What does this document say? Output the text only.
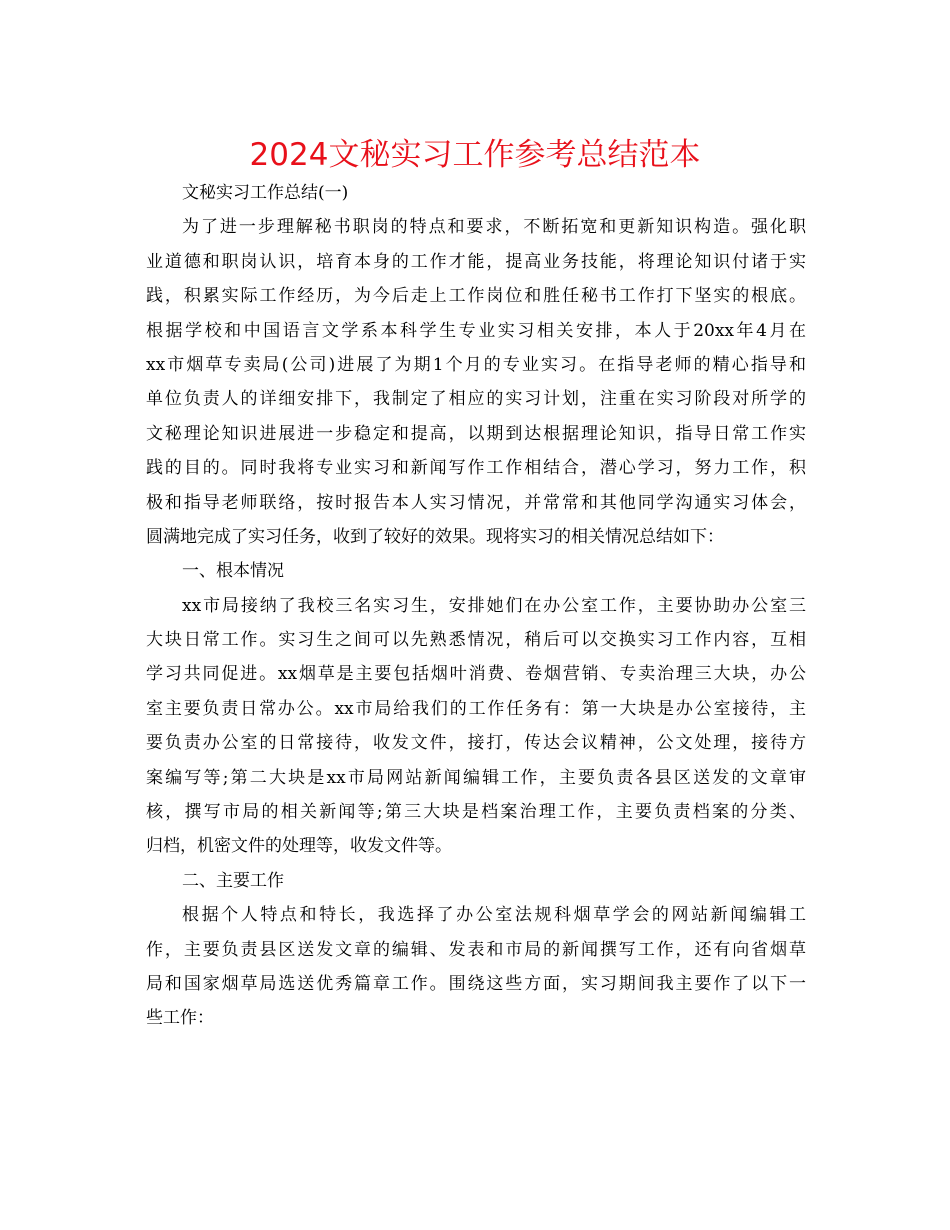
2024文秘实习工作参考总结范本
文秘实习工作总结(一)
为了进一步理解秘书职岗的特点和要求，不断拓宽和更新知识构造。强化职
业道德和职岗认识，培育本身的工作才能，提高业务技能，将理论知识付诸于实
践，积累实际工作经历，为今后走上工作岗位和胜任秘书工作打下坚实的根底。
根据学校和中国语言文学系本科学生专业实习相关安排，本人于20xx年4月在
xx市烟草专卖局(公司)进展了为期1个月的专业实习。在指导老师的精心指导和
单位负责人的详细安排下，我制定了相应的实习计划，注重在实习阶段对所学的
文秘理论知识进展进一步稳定和提高，以期到达根据理论知识，指导日常工作实
践的目的。同时我将专业实习和新闻写作工作相结合，潜心学习，努力工作，积
极和指导老师联络，按时报告本人实习情况，并常常和其他同学沟通实习体会，
圆满地完成了实习任务，收到了较好的效果。现将实习的相关情况总结如下：
一、根本情况
xx市局接纳了我校三名实习生，安排她们在办公室工作，主要协助办公室三
大块日常工作。实习生之间可以先熟悉情况，稍后可以交换实习工作内容，互相
学习共同促进。xx烟草是主要包括烟叶消费、卷烟营销、专卖治理三大块，办公
室主要负责日常办公。xx市局给我们的工作任务有：第一大块是办公室接待，主
要负责办公室的日常接待，收发文件，接打，传达会议精神，公文处理，接待方
案编写等;第二大块是xx市局网站新闻编辑工作，主要负责各县区送发的文章审
核，撰写市局的相关新闻等;第三大块是档案治理工作，主要负责档案的分类、
归档，机密文件的处理等，收发文件等。
二、主要工作
根据个人特点和特长，我选择了办公室法规科烟草学会的网站新闻编辑工
作，主要负责县区送发文章的编辑、发表和市局的新闻撰写工作，还有向省烟草
局和国家烟草局选送优秀篇章工作。围绕这些方面，实习期间我主要作了以下一
些工作：
